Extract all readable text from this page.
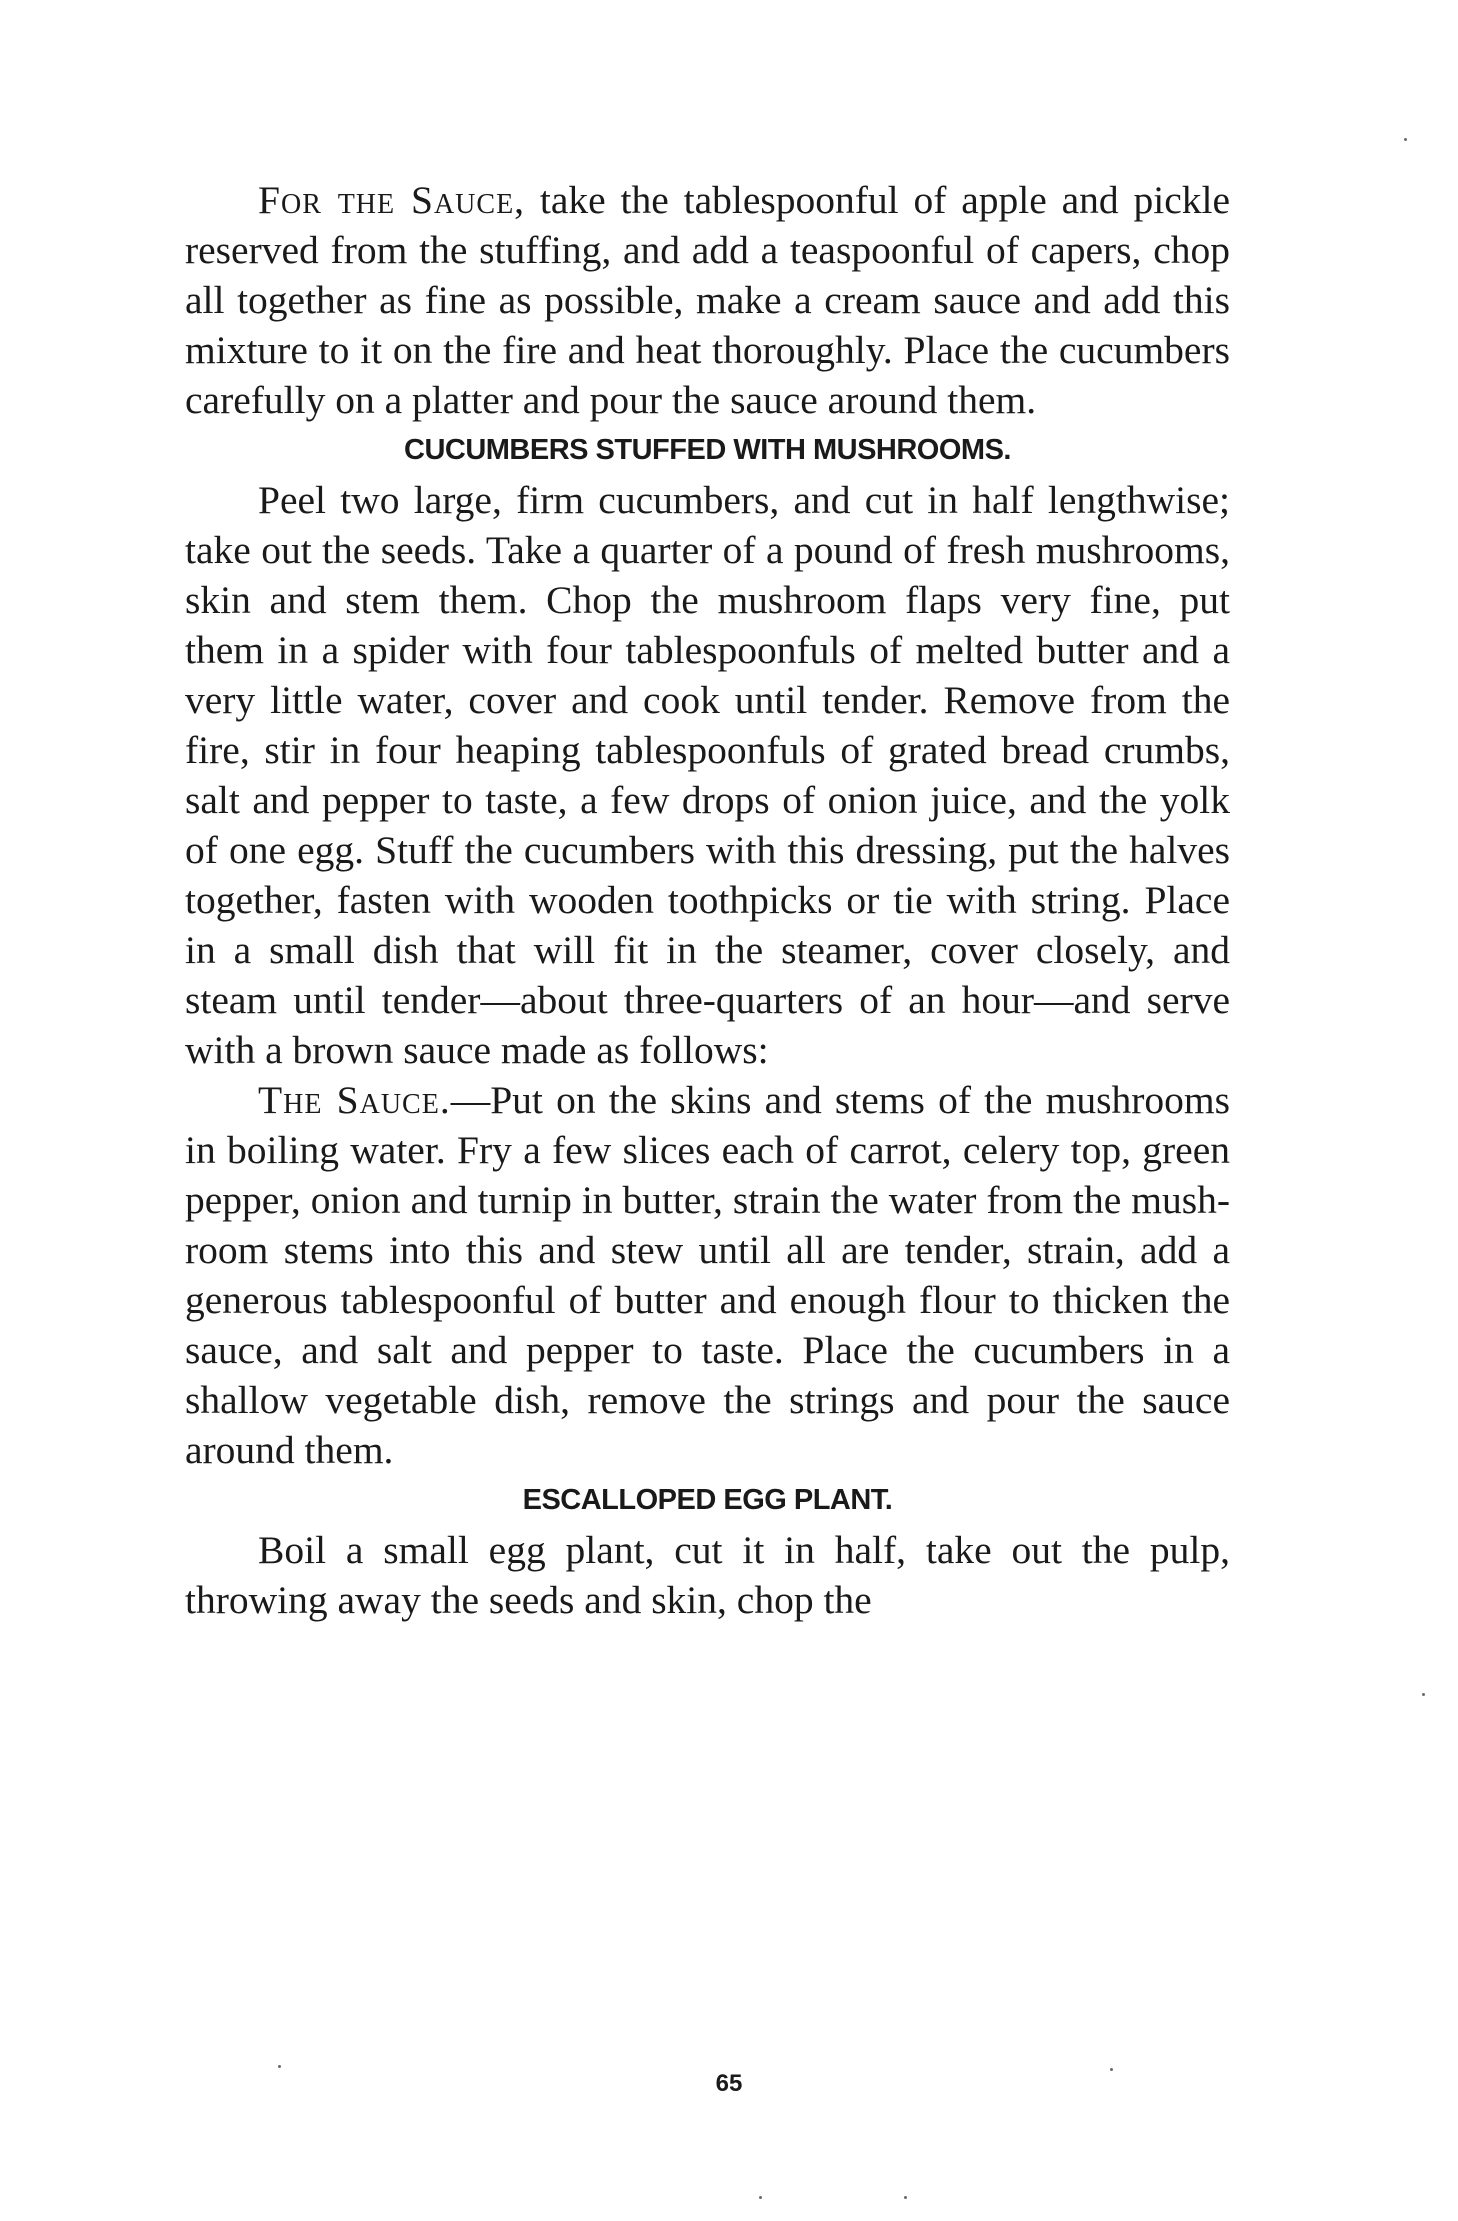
For the Sauce, take the tablespoonful of apple and pickle reserved from the stuffing, and add a teaspoonful of capers, chop all together as fine as possible, make a cream sauce and add this mixture to it on the fire and heat thoroughly. Place the cucumbers carefully on a platter and pour the sauce around them.

CUCUMBERS STUFFED WITH MUSHROOMS.

Peel two large, firm cucumbers, and cut in half lengthwise; take out the seeds. Take a quarter of a pound of fresh mushrooms, skin and stem them. Chop the mushroom flaps very fine, put them in a spider with four tablespoonfuls of melted butter and a very little water, cover and cook until tender. Remove from the fire, stir in four heaping tablespoonfuls of grated bread crumbs, salt and pepper to taste, a few drops of onion juice, and the yolk of one egg. Stuff the cucumbers with this dressing, put the halves together, fasten with wooden toothpicks or tie with string. Place in a small dish that will fit in the steamer, cover closely, and steam until tender—about three-quarters of an hour—and serve with a brown sauce made as follows:

The Sauce.—Put on the skins and stems of the mushrooms in boiling water. Fry a few slices each of carrot, celery top, green pepper, onion and turnip in butter, strain the water from the mushroom stems into this and stew until all are tender, strain, add a generous tablespoonful of butter and enough flour to thicken the sauce, and salt and pepper to taste. Place the cucumbers in a shallow vegetable dish, remove the strings and pour the sauce around them.

ESCALLOPED EGG PLANT.

Boil a small egg plant, cut it in half, take out the pulp, throwing away the seeds and skin, chop the

65
